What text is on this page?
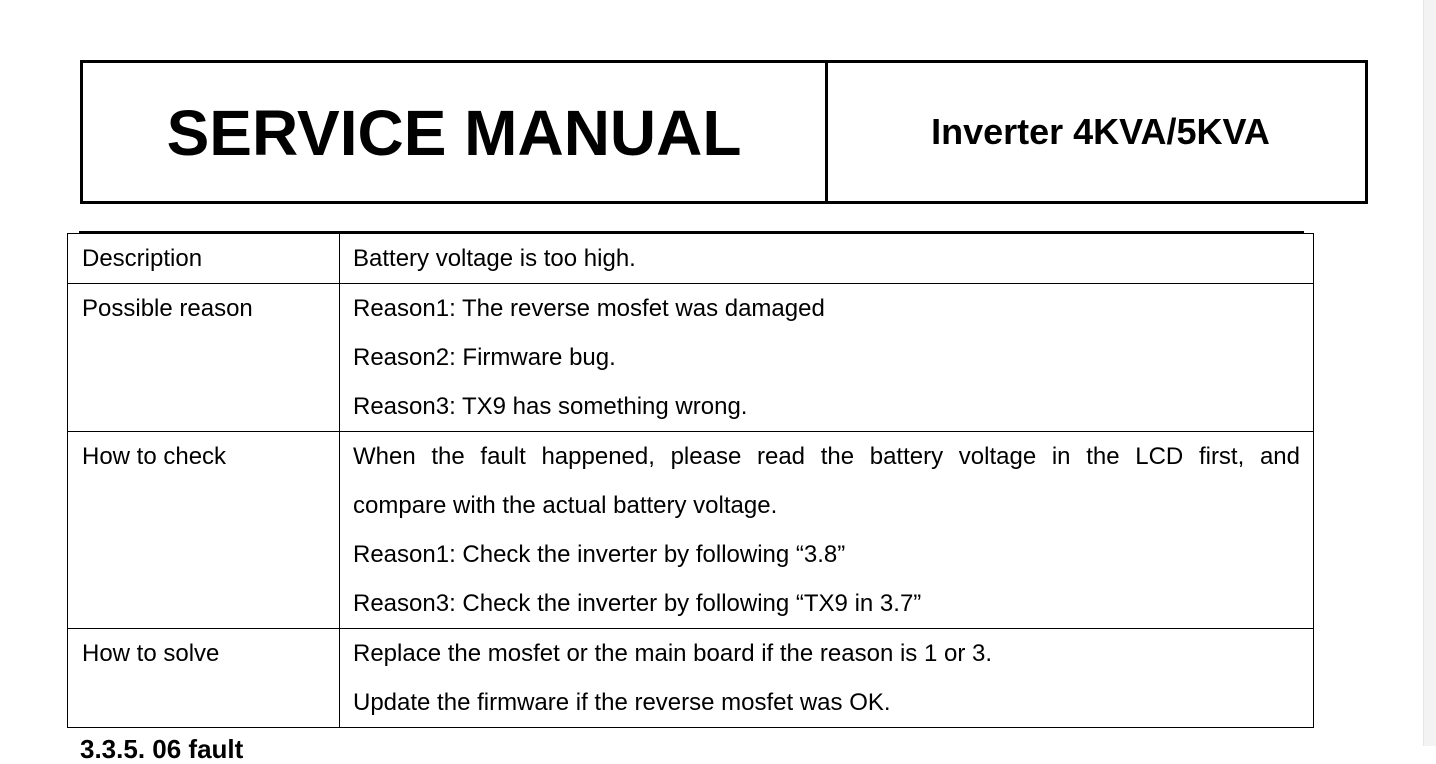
SERVICE MANUAL	Inverter 4KVA/5KVA
Description	Battery voltage is too high.

Possible reason	Reason1: The reverse mosfet was damaged
Reason2: Firmware bug.
Reason3: TX9 has something wrong.

How to check	When the fault happened, please read the battery voltage in the LCD first, and
compare with the actual battery voltage.
Reason1: Check the inverter by following “3.8”
Reason3: Check the inverter by following “TX9 in 3.7”

How to solve	Replace the mosfet or the main board if the reason is 1 or 3.
Update the firmware if the reverse mosfet was OK.
3.3.5. 06 fault
